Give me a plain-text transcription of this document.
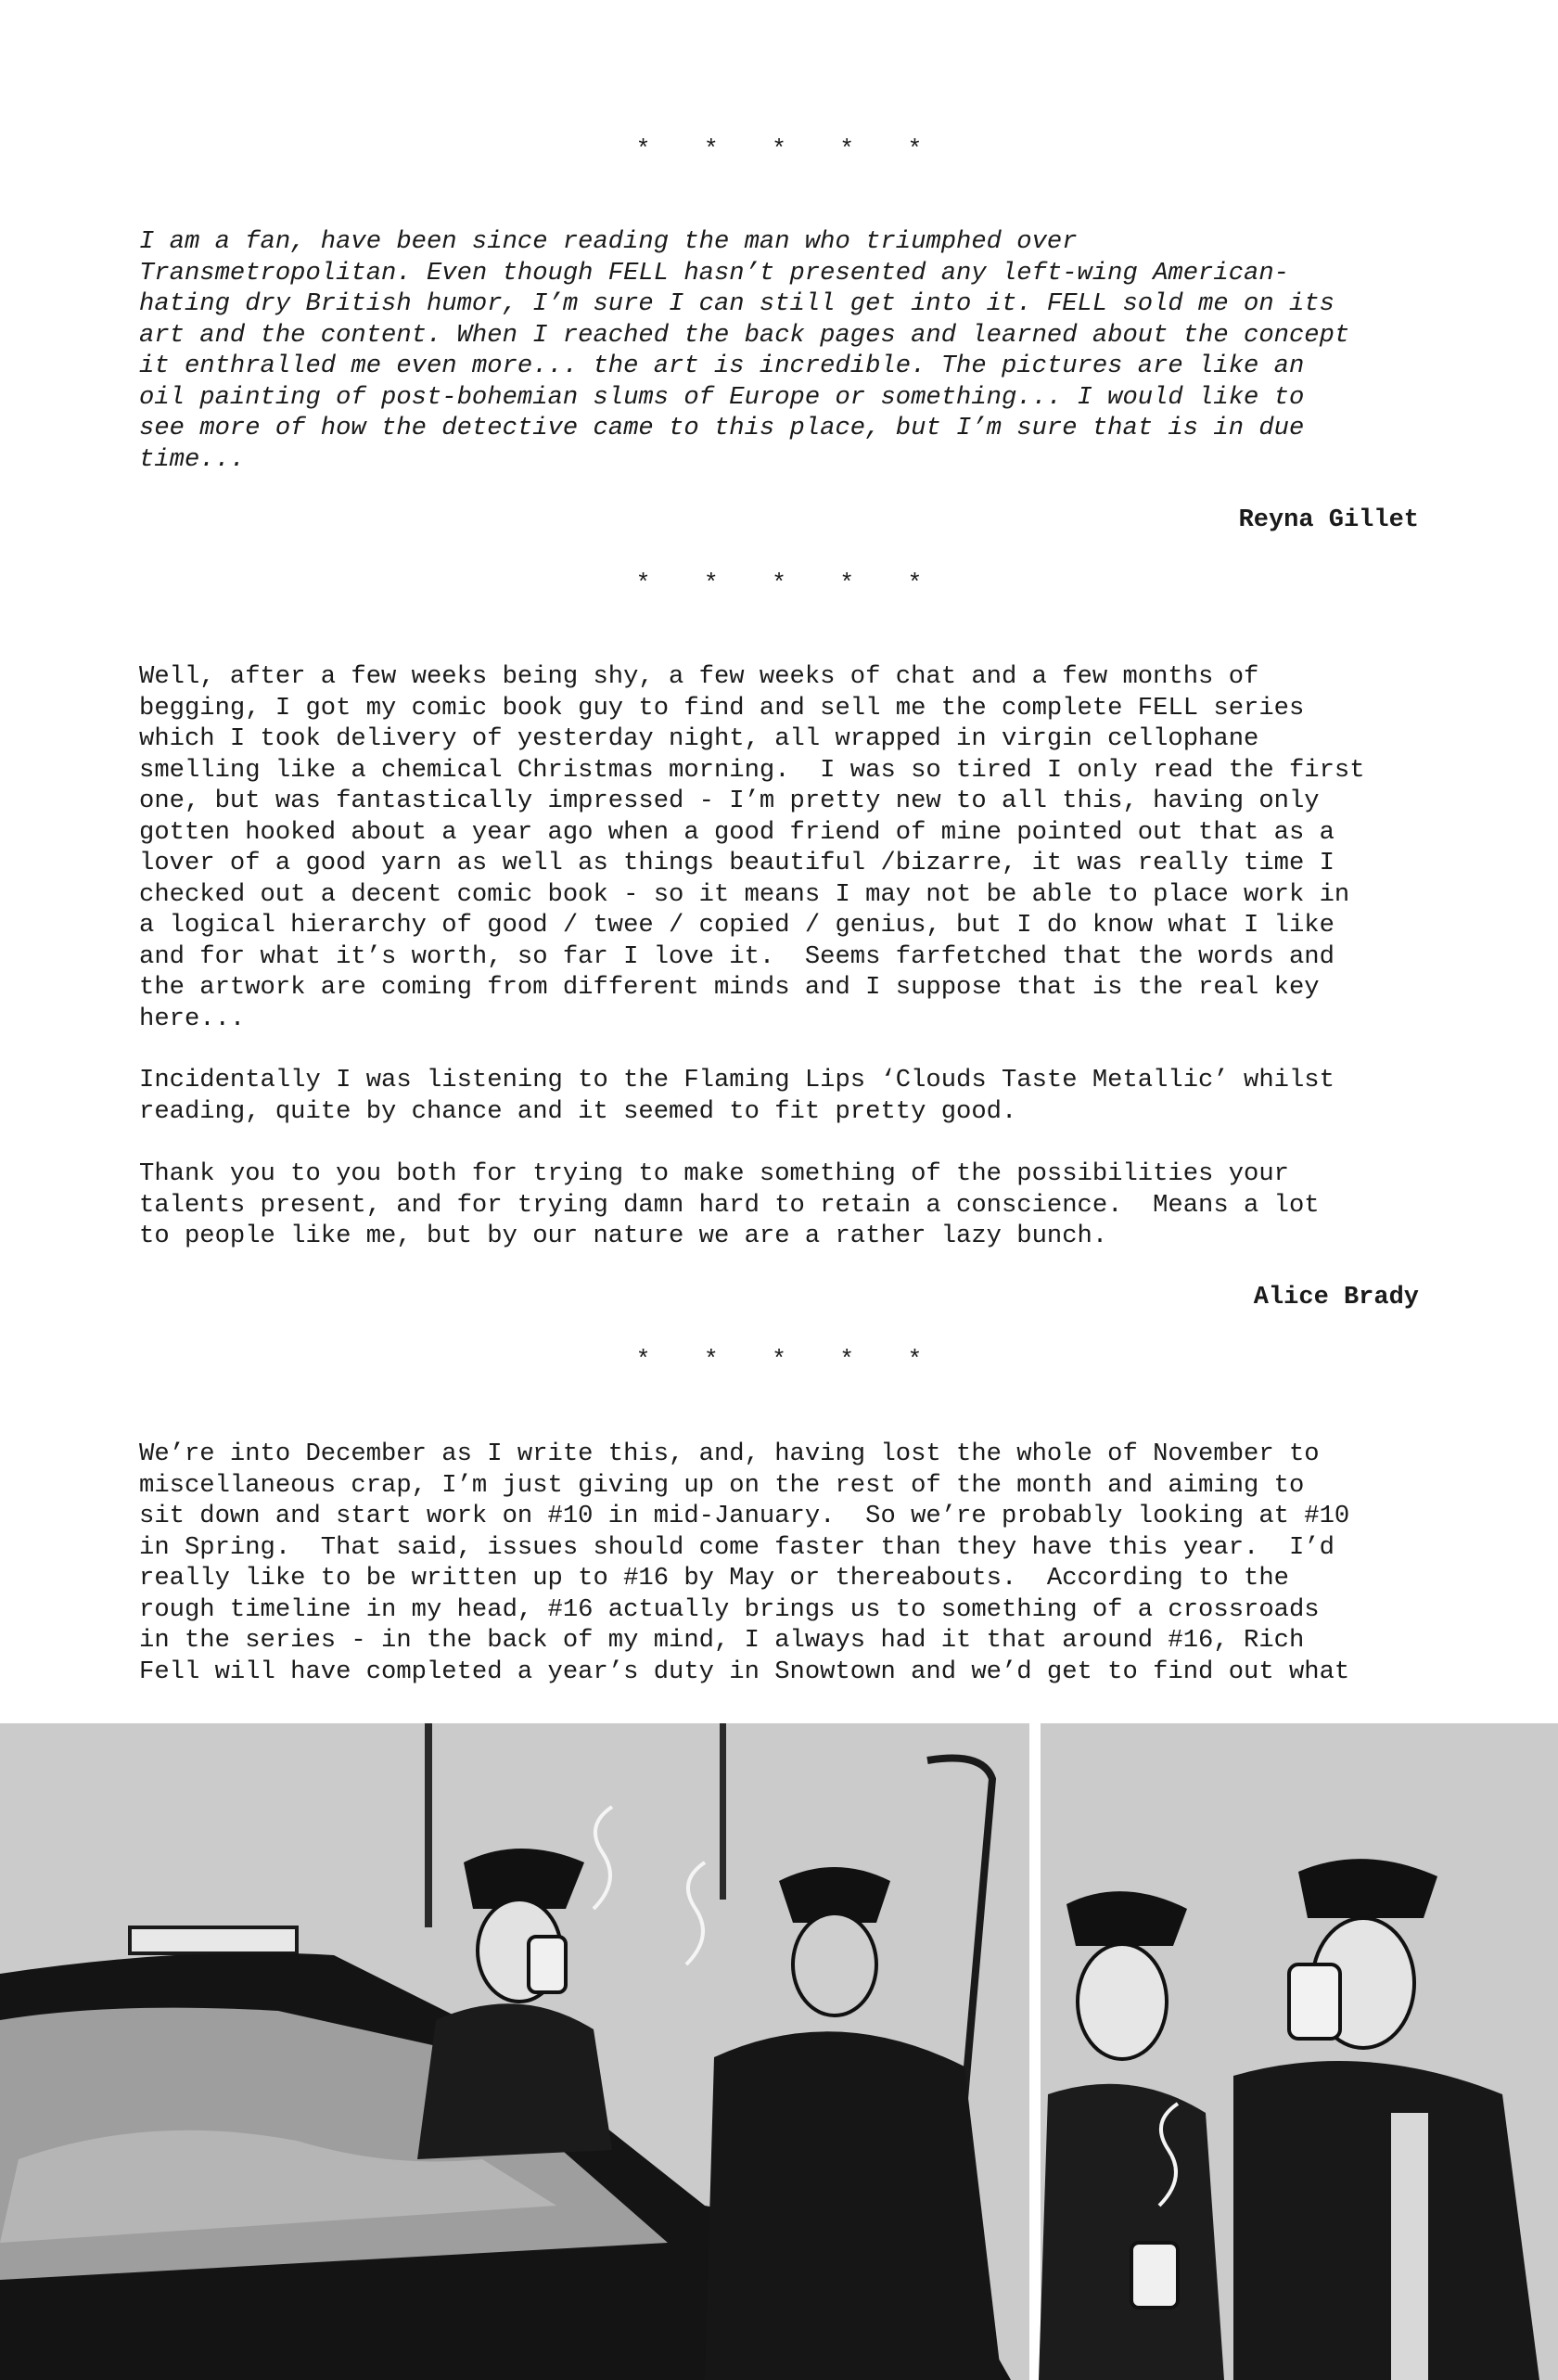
* * * * *

I am a fan, have been since reading the man who triumphed over
Transmetropolitan. Even though FELL hasn’t presented any left-wing American-
hating dry British humor, I’m sure I can still get into it. FELL sold me on its
art and the content. When I reached the back pages and learned about the concept
it enthralled me even more... the art is incredible. The pictures are like an
oil painting of post-bohemian slums of Europe or something... I would like to
see more of how the detective came to this place, but I’m sure that is in due
time...

Reyna Gillet
* * * * *

Well, after a few weeks being shy, a few weeks of chat and a few months of
begging, I got my comic book guy to find and sell me the complete FELL series
which I took delivery of yesterday night, all wrapped in virgin cellophane
smelling like a chemical Christmas morning.  I was so tired I only read the first
one, but was fantastically impressed - I’m pretty new to all this, having only
gotten hooked about a year ago when a good friend of mine pointed out that as a
lover of a good yarn as well as things beautiful /bizarre, it was really time I
checked out a decent comic book - so it means I may not be able to place work in
a logical hierarchy of good / twee / copied / genius, but I do know what I like
and for what it’s worth, so far I love it.  Seems farfetched that the words and
the artwork are coming from different minds and I suppose that is the real key
here...

Incidentally I was listening to the Flaming Lips ‘Clouds Taste Metallic’ whilst
reading, quite by chance and it seemed to fit pretty good.

Thank you to you both for trying to make something of the possibilities your
talents present, and for trying damn hard to retain a conscience.  Means a lot
to people like me, but by our nature we are a rather lazy bunch.

Alice Brady
* * * * *

We’re into December as I write this, and, having lost the whole of November to
miscellaneous crap, I’m just giving up on the rest of the month and aiming to
sit down and start work on #10 in mid-January.  So we’re probably looking at #10
in Spring.  That said, issues should come faster than they have this year.  I’d
really like to be written up to #16 by May or thereabouts.  According to the
rough timeline in my head, #16 actually brings us to something of a crossroads
in the series - in the back of my mind, I always had it that around #16, Rich
Fell will have completed a year’s duty in Snowtown and we’d get to find out what
